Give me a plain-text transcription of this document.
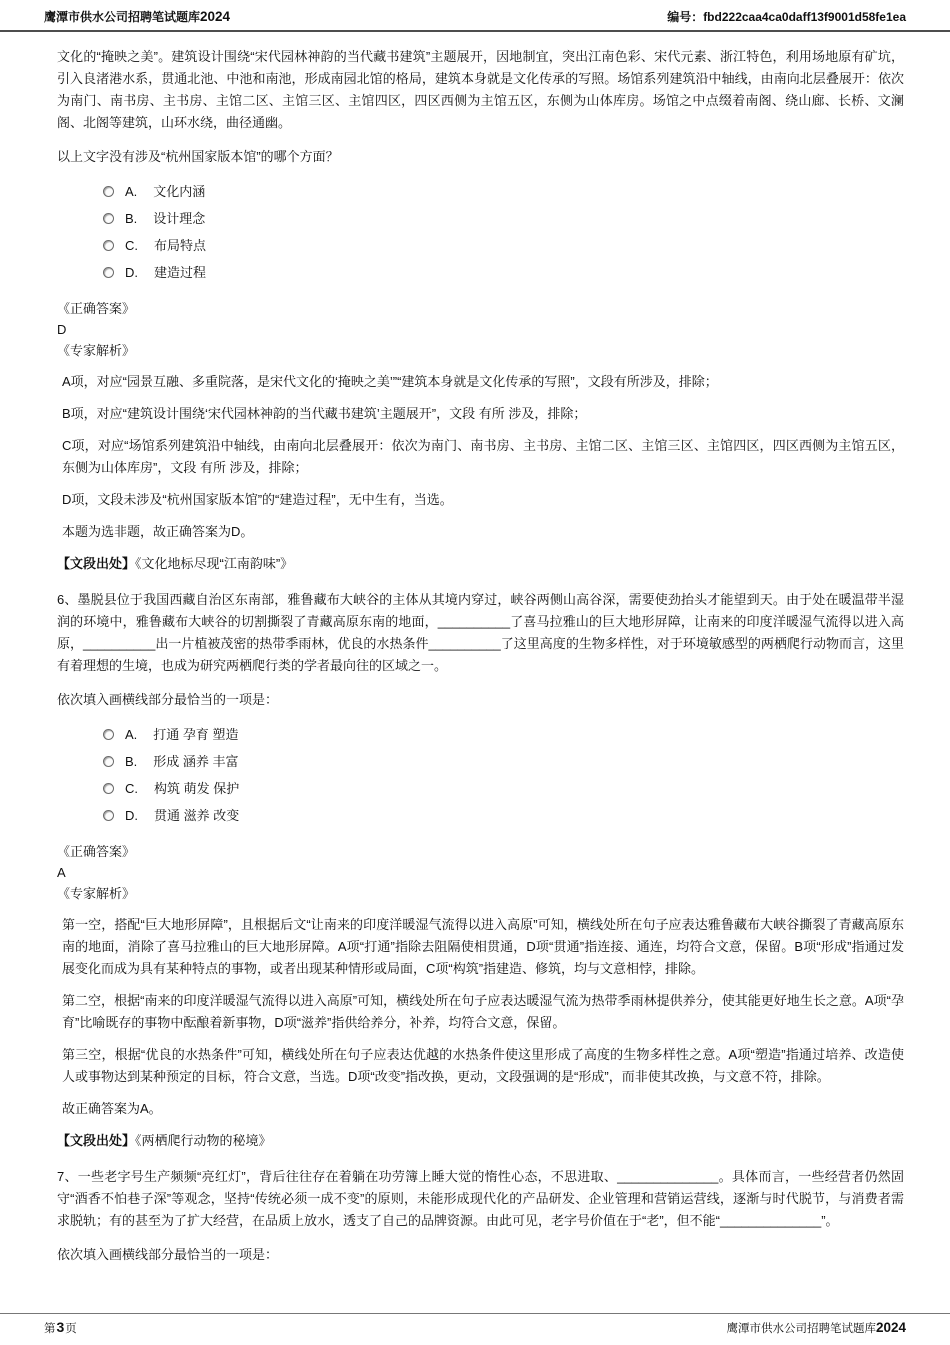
鹰潭市供水公司招聘笔试题库2024	编号：fbd222caa4ca0daff13f9001d58fe1ea

文化的“掩映之美”。建筑设计围绕“宋代园林神韵的当代藏书建筑”主题展开，因地制宜，突出江南色彩、宋代元素、浙江特色，利用场地原有矿坑，引入良渚港水系，贯通北池、中池和南池，形成南园北馆的格局，建筑本身就是文化传承的写照。场馆系列建筑沿中轴线，由南向北层叠展开：依次为南门、南书房、主书房、主馆二区、主馆三区、主馆四区，四区西侧为主馆五区，东侧为山体库房。场馆之中点缀着南阁、绕山廊、长桥、文澜阁、北阁等建筑，山环水绕，曲径通幽。

以上文字没有涉及“杭州国家版本馆”的哪个方面？

A. 文化内涵
B. 设计理念
C. 布局特点
D. 建造过程

《正确答案》

D

《专家解析》

A项，对应“园景互融、多重院落，是宋代文化的‘掩映之美’”“建筑本身就是文化传承的写照”，文段有所涉及，排除；

B项，对应“建筑设计围绕‘宋代园林神韵的当代藏书建筑’主题展开”，文段 有所 涉及，排除；

C项，对应“场馆系列建筑沿中轴线，由南向北层叠展开：依次为南门、南书房、主书房、主馆二区、主馆三区、主馆四区，四区西侧为主馆五区，东侧为山体库房”，文段 有所 涉及，排除；

D项，文段未涉及“杭州国家版本馆”的“建造过程”，无中生有，当选。

本题为选非题，故正确答案为D。

【文段出处】《文化地标尽现“江南韵味”》

6、墨脱县位于我国西藏自治区东南部，雅鲁藏布大峡谷的主体从其境内穿过，峡谷两侧山高谷深，需要使劲抬头才能望到天。由于处在暖温带半湿润的环境中，雅鲁藏布大峡谷的切割撕裂了青藏高原东南的地面，__________了喜马拉雅山的巨大地形屏障，让南来的印度洋暖湿气流得以进入高原，__________出一片植被茂密的热带季雨林，优良的水热条件__________了这里高度的生物多样性，对于环境敏感型的两栖爬行动物而言，这里有着理想的生境，也成为研究两栖爬行类的学者最向往的区域之一。

依次填入画横线部分最恰当的一项是：

A. 打通 孕育 塑造
B. 形成 涵养 丰富
C. 构筑 萌发 保护
D. 贯通 滋养 改变

《正确答案》

A

《专家解析》

第一空，搭配“巨大地形屏障”，且根据后文“让南来的印度洋暖湿气流得以进入高原”可知，横线处所在句子应表达雅鲁藏布大峡谷撕裂了青藏高原东南的地面，消除了喜马拉雅山的巨大地形屏障。A项“打通”指除去阻隔使相贯通，D项“贯通”指连接、通连，均符合文意，保留。B项“形成”指通过发展变化而成为具有某种特点的事物，或者出现某种情形或局面，C项“构筑”指建造、修筑，均与文意相悖，排除。

第二空，根据“南来的印度洋暖湿气流得以进入高原”可知，横线处所在句子应表达暖湿气流为热带季雨林提供养分，使其能更好地生长之意。A项“孕育”比喻既存的事物中酝酿着新事物，D项“滋养”指供给养分，补养，均符合文意，保留。

第三空，根据“优良的水热条件”可知，横线处所在句子应表达优越的水热条件使这里形成了高度的生物多样性之意。A项“塑造”指通过培养、改造使人或事物达到某种预定的目标，符合文意，当选。D项“改变”指改换，更动，文段强调的是“形成”，而非使其改换，与文意不符，排除。

故正确答案为A。

【文段出处】《两栖爬行动物的秘境》

7、一些老字号生产频频“亮红灯”，背后往往存在着躺在功劳簿上睡大觉的惰性心态，不思进取、______________。具体而言，一些经营者仍然固守“酒香不怕巷子深”等观念，坚持“传统必须一成不变”的原则，未能形成现代化的产品研发、企业管理和营销运营线，逐渐与时代脱节，与消费者需求脱轨；有的甚至为了扩大经营，在品质上放水，透支了自己的品牌资源。由此可见，老字号价值在于“老”，但不能“______________”。

依次填入画横线部分最恰当的一项是：

第3页	鹰潭市供水公司招聘笔试题库2024
